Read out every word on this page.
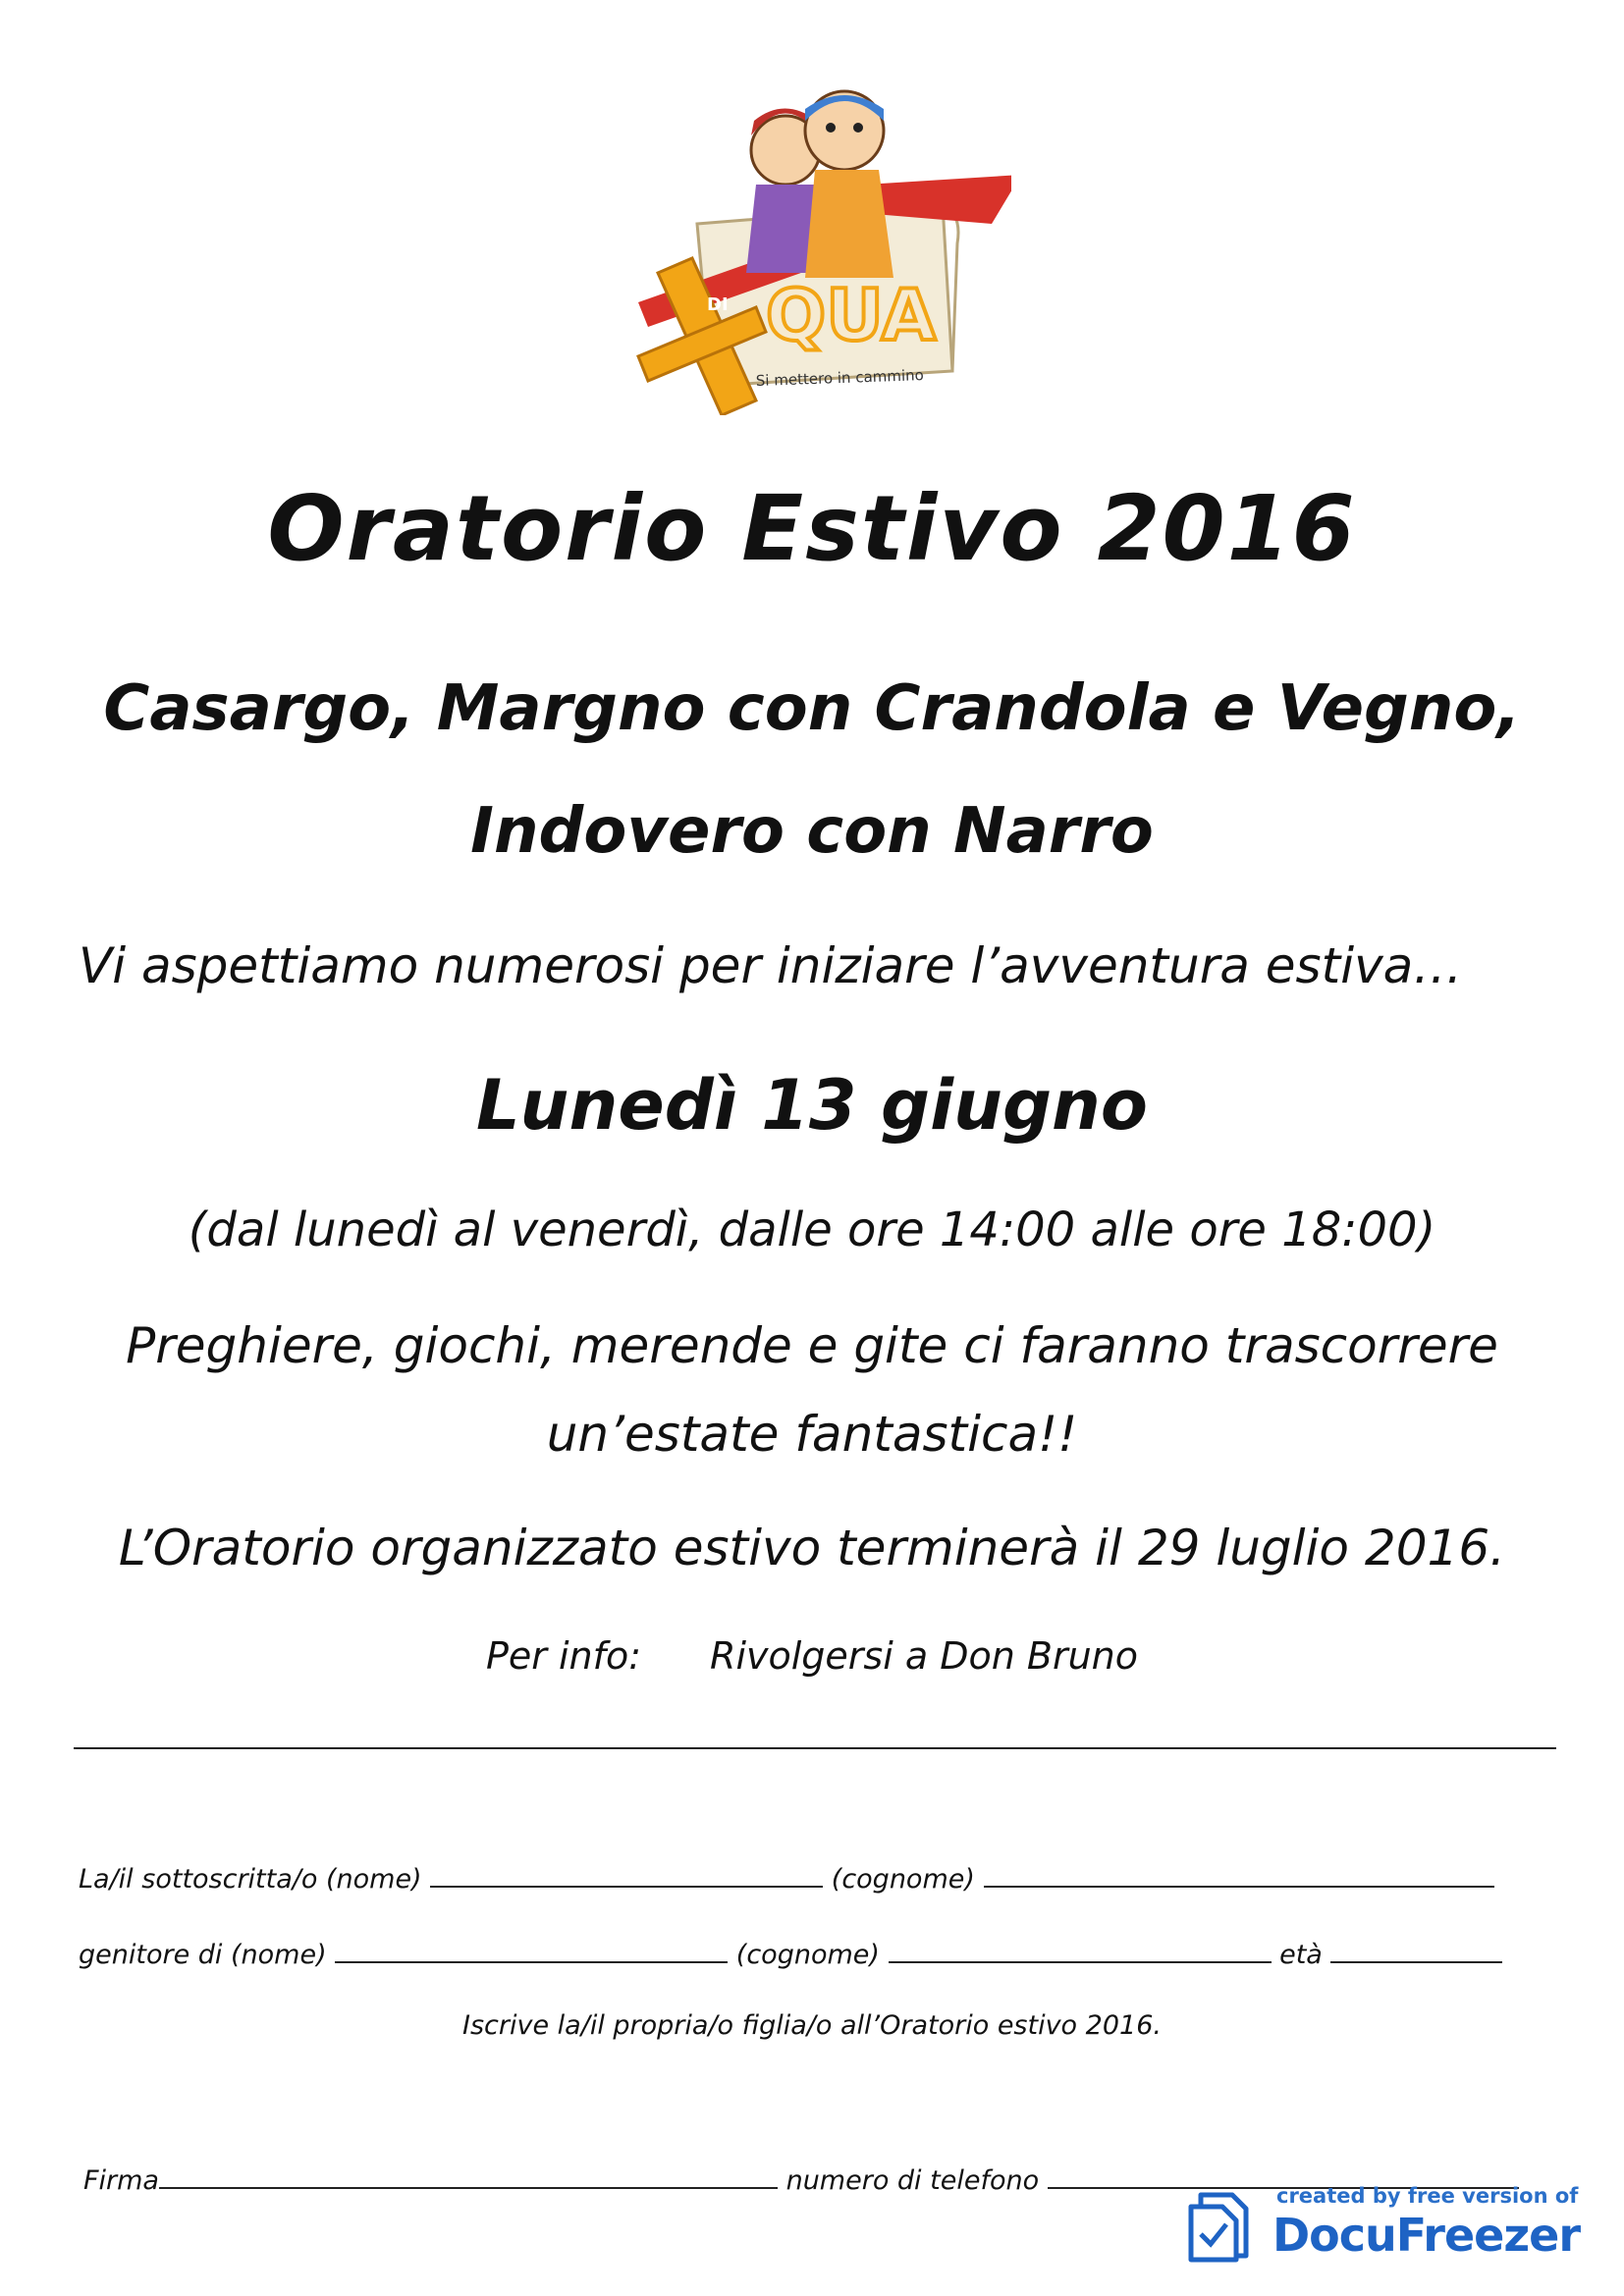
DI QUA
Si mettero in cammino
Oratorio Estivo 2016
Casargo, Margno con Crandola e Vegno,
Indovero con Narro
Vi aspettiamo numerosi per iniziare l’avventura estiva…
Lunedì 13 giugno
(dal lunedì al venerdì, dalle ore 14:00 alle ore 18:00)
Preghiere, giochi, merende e gite ci faranno trascorrere
un’estate fantastica!!
L’Oratorio organizzato estivo terminerà il 29 luglio 2016.
Per info: Rivolgersi a Don Bruno
La/il sottoscritta/o (nome)	(cognome)
genitore di (nome)	(cognome)	età
Iscrive la/il propria/o figlia/o all’Oratorio estivo 2016.
Firma	numero di telefono	created by free version of
DocuFreezer
